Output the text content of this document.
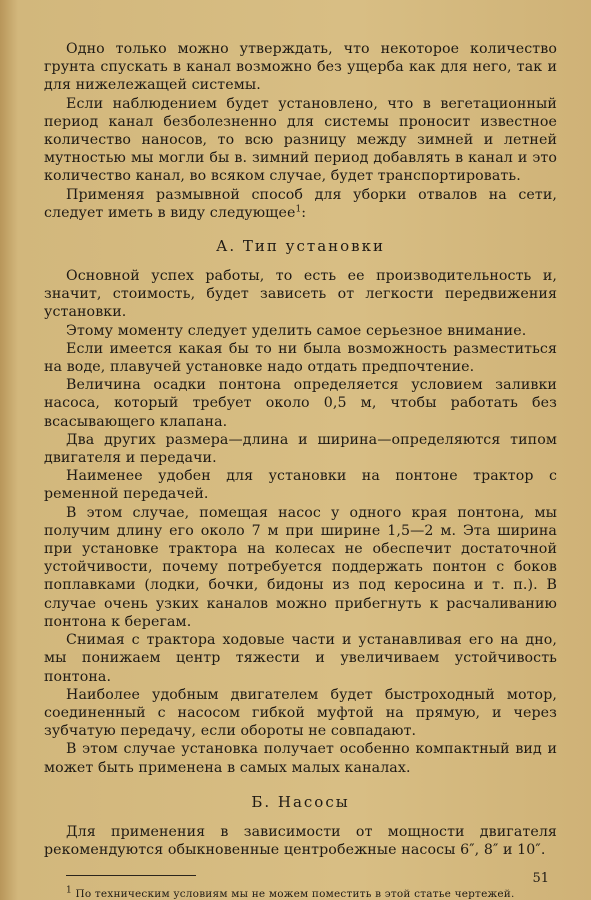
Одно только можно утверждать, что некоторое количество грунта спускать в канал возможно без ущерба как для него, так и для нижележащей системы.

Если наблюдением будет установлено, что в вегетационный период канал безболезненно для системы проносит известное количество наносов, то всю разницу между зимней и летней мутностью мы могли бы в. зимний период добавлять в канал и это количество канал, во всяком случае, будет транспортировать.

Применяя размывной способ для уборки отвалов на сети, следует иметь в виду следующее$^1$:

А. Тип установки

Основной успех работы, то есть ее производительность и, значит, стоимость, будет зависеть от легкости передвижения установки.

Этому моменту следует уделить самое серьезное внимание.

Если имеется какая бы то ни была возможность разместиться на воде, плавучей установке надо отдать предпочтение.

Величина осадки понтона определяется условием заливки насоса, который требует около 0,5 м, чтобы работать без всасывающего клапана.

Два других размера—длина и ширина—определяются типом двигателя и передачи.

Наименее удобен для установки на понтоне трактор с ременной передачей.

В этом случае, помещая насос у одного края понтона, мы получим длину его около 7 м при ширине 1,5—2 м. Эта ширина при установке трактора на колесах не обеспечит достаточной устойчивости, почему потребуется поддержать понтон с боков поплавками (лодки, бочки, бидоны из под керосина и т. п.). В случае очень узких каналов можно прибегнуть к расчаливанию понтона к берегам.

Снимая с трактора ходовые части и устанавливая его на дно, мы понижаем центр тяжести и увеличиваем устойчивость понтона.

Наиболее удобным двигателем будет быстроходный мотор, соединенный с насосом гибкой муфтой на прямую, и через зубчатую передачу, если обороты не совпадают.

В этом случае установка получает особенно компактный вид и может быть применена в самых малых каналах.

Б. Насосы

Для применения в зависимости от мощности двигателя рекомендуются обыкновенные центробежные насосы 6″, 8″ и 10″.

1 По техническим условиям мы не можем поместить в этой статье чертежей.

51
